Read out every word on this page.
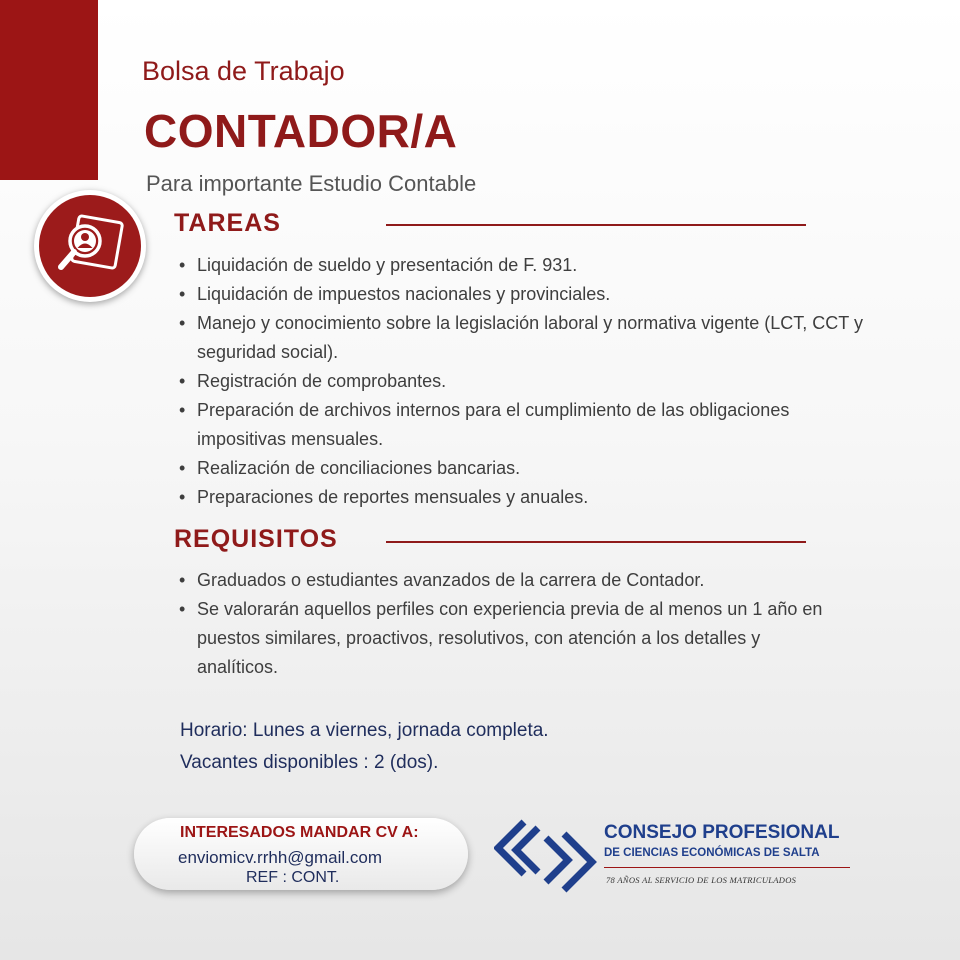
Bolsa de Trabajo
CONTADOR/A
Para importante Estudio Contable
TAREAS
• Liquidación de sueldo y presentación de F. 931.
• Liquidación de impuestos nacionales y provinciales.
• Manejo y conocimiento sobre la legislación laboral y normativa vigente (LCT, CCT y seguridad social).
• Registración de comprobantes.
• Preparación de archivos internos para el cumplimiento de las obligaciones impositivas mensuales.
• Realización de conciliaciones bancarias.
• Preparaciones de reportes mensuales y anuales.
REQUISITOS
• Graduados o estudiantes avanzados de la carrera de Contador.
• Se valorarán aquellos perfiles con experiencia previa de al menos un 1 año en puestos similares, proactivos, resolutivos, con atención a los detalles y analíticos.
Horario: Lunes a viernes, jornada completa.
Vacantes disponibles : 2 (dos).
INTERESADOS MANDAR CV A:
enviomicv.rrhh@gmail.com
REF : CONT.
CONSEJO PROFESIONAL
DE CIENCIAS ECONÓMICAS DE SALTA
78 AÑOS AL SERVICIO DE LOS MATRICULADOS
